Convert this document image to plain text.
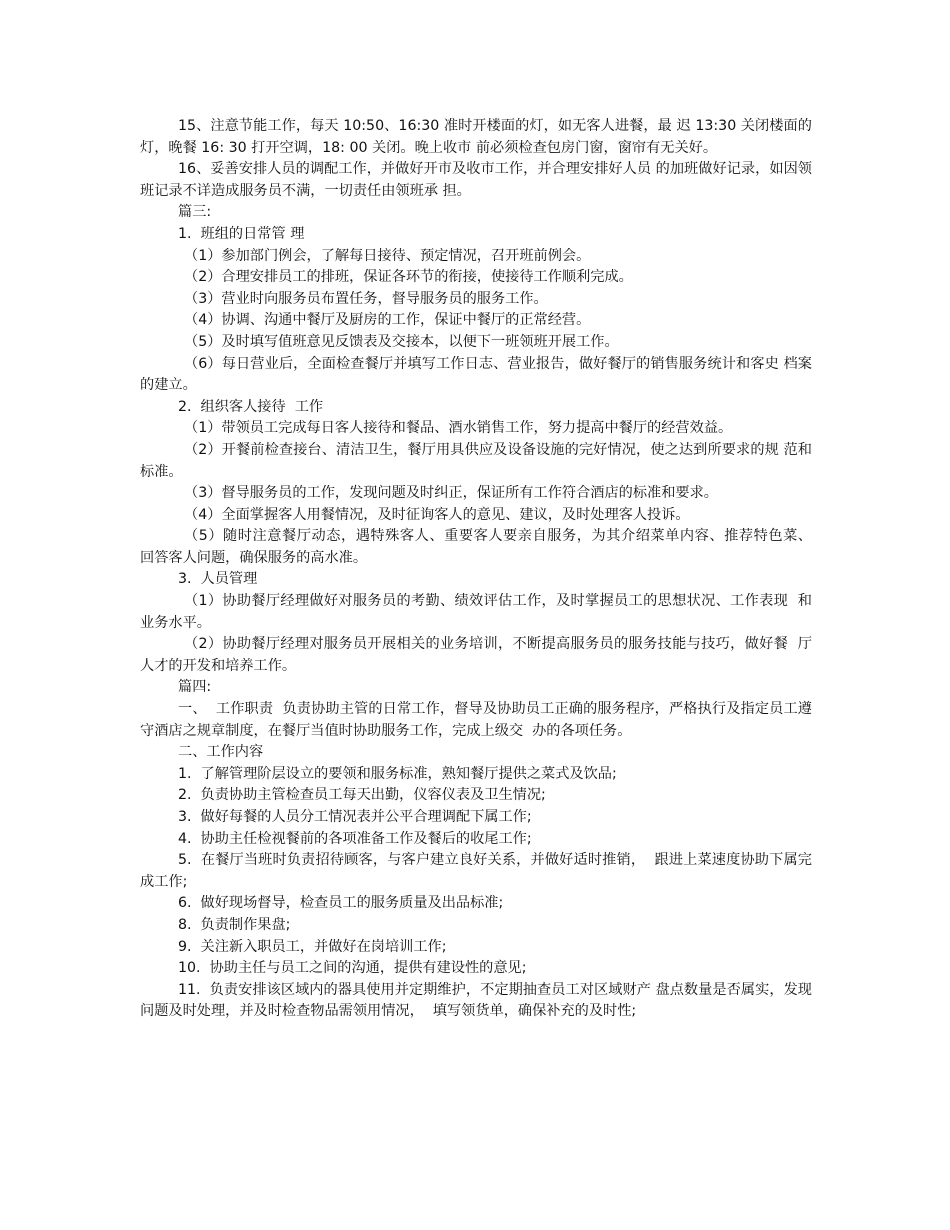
15、注意节能工作，每天 10:50、16:30 准时开楼面的灯，如无客人进餐，最 迟 13:30 关闭楼面的灯，晚餐 16: 30 打开空调，18: 00 关闭。晚上收市 前必须检查包房门窗，窗帘有无关好。

16、妥善安排人员的调配工作，并做好开市及收市工作，并合理安排好人员 的加班做好记录，如因领班记录不详造成服务员不满，一切责任由领班承 担。

篇三:

1.  班组的日常管 理

（1）参加部门例会，了解每日接待、预定情况，召开班前例会。

（2）合理安排员工的排班，保证各环节的衔接，使接待工作顺利完成。

（3）营业时向服务员布置任务，督导服务员的服务工作。

（4）协调、沟通中餐厅及厨房的工作，保证中餐厅的正常经营。

（5）及时填写值班意见反馈表及交接本，以便下一班领班开展工作。

（6）每日营业后，全面检查餐厅并填写工作日志、营业报告，做好餐厅的销售服务统计和客史 档案的建立。

2.  组织客人接待  工作

（1）带领员工完成每日客人接待和餐品、酒水销售工作，努力提高中餐厅的经营效益。

（2）开餐前检查接台、清洁卫生，餐厅用具供应及设备设施的完好情况，使之达到所要求的规 范和标准。

（3）督导服务员的工作，发现问题及时纠正，保证所有工作符合酒店的标准和要求。

（4）全面掌握客人用餐情况，及时征询客人的意见、建议，及时处理客人投诉。

（5）随时注意餐厅动态，遇特殊客人、重要客人要亲自服务，为其介绍菜单内容、推荐特色菜、  回答客人问题，确保服务的高水准。

3.  人员管理

（1）协助餐厅经理做好对服务员的考勤、绩效评估工作，及时掌握员工的思想状况、工作表现  和业务水平。

（2）协助餐厅经理对服务员开展相关的业务培训，不断提高服务员的服务技能与技巧，做好餐  厅人才的开发和培养工作。

篇四:

一、  工作职责  负责协助主管的日常工作，督导及协助员工正确的服务程序，严格执行及指定员工遵守酒店之规章制度，在餐厅当值时协助服务工作，完成上级交  办的各项任务。

二、工作内容

1.  了解管理阶层设立的要领和服务标准，熟知餐厅提供之菜式及饮品;

2.  负责协助主管检查员工每天出勤，仪容仪表及卫生情况;

3.  做好每餐的人员分工情况表并公平合理调配下属工作;

4.  协助主任检视餐前的各项准备工作及餐后的收尾工作;

5.  在餐厅当班时负责招待顾客，与客户建立良好关系，并做好适时推销，  跟进上菜速度协助下属完成工作;

6.  做好现场督导，检查员工的服务质量及出品标准;

8.  负责制作果盘;

9.  关注新入职员工，并做好在岗培训工作;

10.  协助主任与员工之间的沟通，提供有建设性的意见;

11.  负责安排该区域内的器具使用并定期维护，不定期抽查员工对区域财产 盘点数量是否属实，发现问题及时处理，并及时检查物品需领用情况，  填写领货单，确保补充的及时性;
